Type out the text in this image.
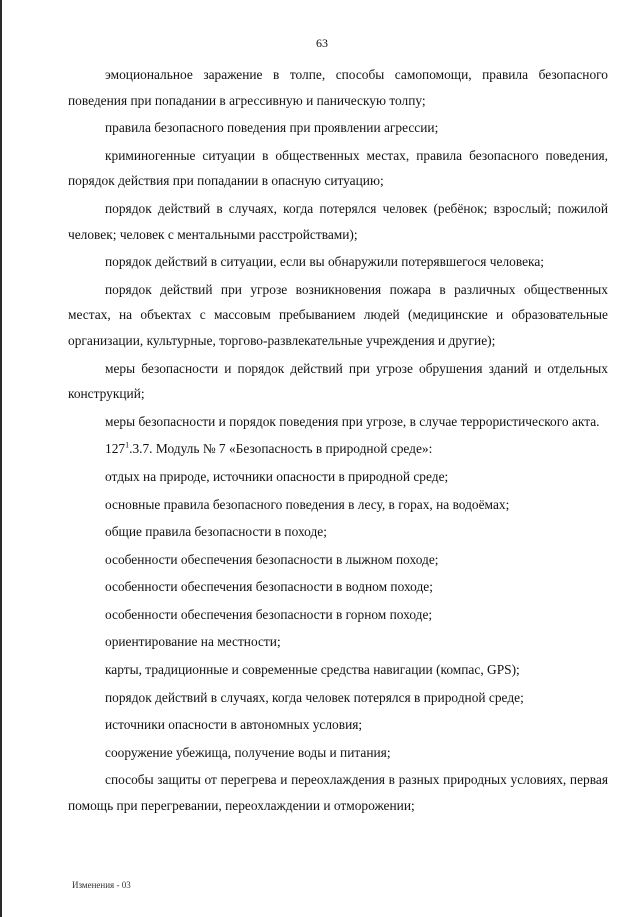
63

эмоциональное заражение в толпе, способы самопомощи, правила безопасного поведения при попадании в агрессивную и паническую толпу;

правила безопасного поведения при проявлении агрессии;

криминогенные ситуации в общественных местах, правила безопасного поведения, порядок действия при попадании в опасную ситуацию;

порядок действий в случаях, когда потерялся человек (ребёнок; взрослый; пожилой человек; человек с ментальными расстройствами);

порядок действий в ситуации, если вы обнаружили потерявшегося человека;

порядок действий при угрозе возникновения пожара в различных общественных местах, на объектах с массовым пребыванием людей (медицинские и образовательные организации, культурные, торгово-развлекательные учреждения и другие);

меры безопасности и порядок действий при угрозе обрушения зданий и отдельных конструкций;

меры безопасности и порядок поведения при угрозе, в случае террористического акта.

$127^1.3.7$. Модуль № 7 «Безопасность в природной среде»:

отдых на природе, источники опасности в природной среде;

основные правила безопасного поведения в лесу, в горах, на водоёмах;

общие правила безопасности в походе;

особенности обеспечения безопасности в лыжном походе;

особенности обеспечения безопасности в водном походе;

особенности обеспечения безопасности в горном походе;

ориентирование на местности;

карты, традиционные и современные средства навигации (компас, GPS);

порядок действий в случаях, когда человек потерялся в природной среде;

источники опасности в автономных условия;

сооружение убежища, получение воды и питания;

способы защиты от перегрева и переохлаждения в разных природных условиях, первая помощь при перегревании, переохлаждении и отморожении;

Изменения - 03
